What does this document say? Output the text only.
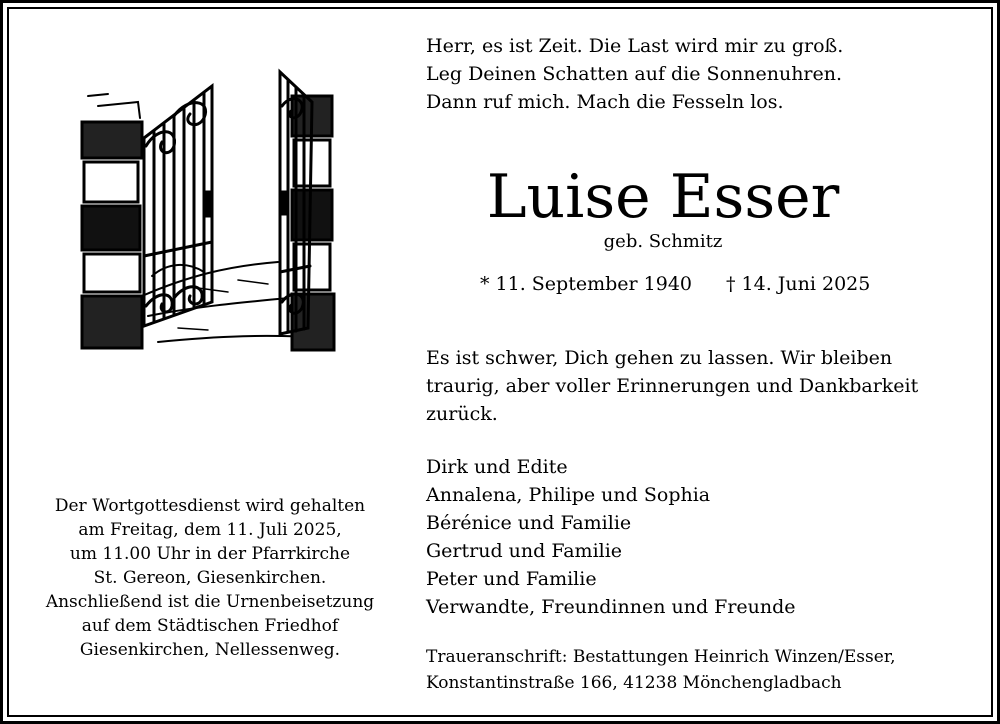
Herr, es ist Zeit. Die Last wird mir zu groß.
Leg Deinen Schatten auf die Sonnenuhren.
Dann ruf mich. Mach die Fesseln los.
Luise Esser
geb. Schmitz
* 11. September 1940 † 14. Juni 2025
Es ist schwer, Dich gehen zu lassen. Wir bleiben traurig, aber voller Erinnerungen und Dankbarkeit zurück.
Dirk und Edite
Annalena, Philipe und Sophia
Bérénice und Familie
Gertrud und Familie
Peter und Familie
Verwandte, Freundinnen und Freunde
Traueranschrift: Bestattungen Heinrich Winzen/Esser,
Konstantinstraße 166, 41238 Mönchengladbach
Der Wortgottesdienst wird gehalten
am Freitag, dem 11. Juli 2025,
um 11.00 Uhr in der Pfarrkirche
St. Gereon, Giesenkirchen.
Anschließend ist die Urnenbeisetzung
auf dem Städtischen Friedhof
Giesenkirchen, Nellessenweg.
